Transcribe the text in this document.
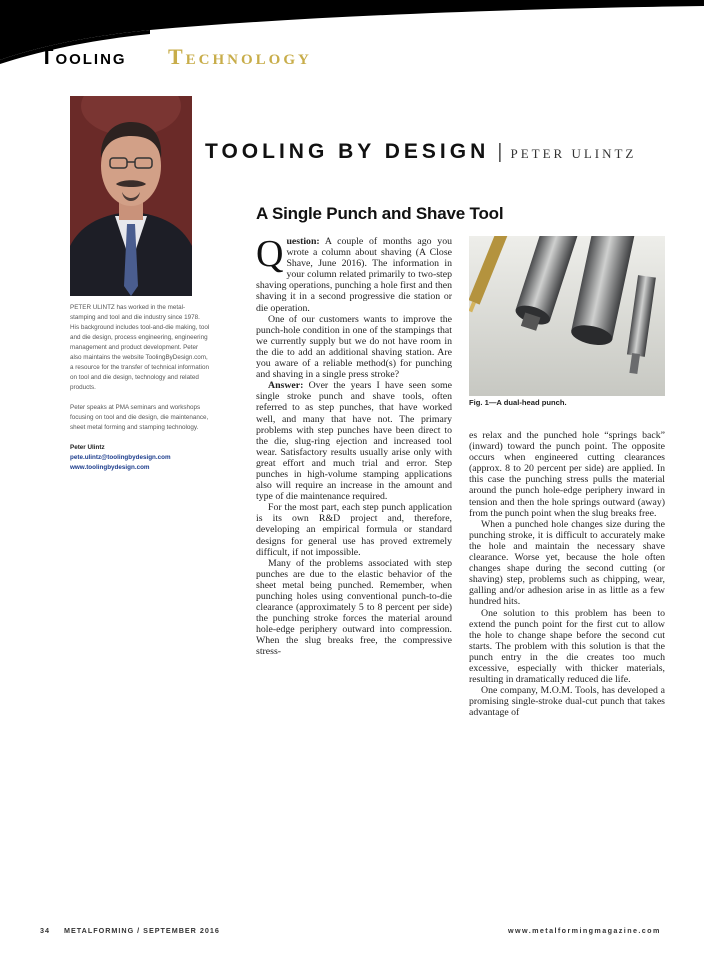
Tooling Technology

PETER ULINTZ has worked in the metal-stamping and tool and die industry since 1978. His background includes tool-and-die making, tool and die design, process engineering, engineering management and product development. Peter also maintains the website ToolingByDesign.com, a resource for the transfer of technical information on tool and die design, technology and related products.

Peter speaks at PMA seminars and workshops focusing on tool and die design, die maintenance, sheet metal forming and stamping technology.

Peter Ulintz

pete.ulintz@toolingbydesign.com

www.toolingbydesign.com

TOOLING BY DESIGN | PETER ULINTZ
A Single Punch and Shave Tool

Question: A couple of months ago you wrote a column about shaving (A Close Shave, June 2016). The information in your column related primarily to two-step shaving operations, punching a hole first and then shaving it in a second progressive die station or die operation.

One of our customers wants to improve the punch-hole condition in one of the stampings that we currently supply but we do not have room in the die to add an additional shaving station. Are you aware of a reliable method(s) for punching and shaving in a single press stroke?

Answer: Over the years I have seen some single stroke punch and shave tools, often referred to as step punches, that have worked well, and many that have not. The primary problems with step punches have been direct to the die, slug-ring ejection and increased tool wear. Satisfactory results usually arise only with great effort and much trial and error. Step punches in high-volume stamping applications also will require an increase in the amount and type of die maintenance required.

For the most part, each step punch application is its own R&D project and, therefore, developing an empirical formula or standard designs for general use has proved extremely difficult, if not impossible.

Many of the problems associated with step punches are due to the elastic behavior of the sheet metal being punched. Remember, when punching holes using conventional punch-to-die clearance (approximately 5 to 8 percent per side) the punching stroke forces the material around hole-edge periphery outward into compression. When the slug breaks free, the compressive stress-

Fig. 1—A dual-head punch.

es relax and the punched hole “springs back” (inward) toward the punch point. The opposite occurs when engineered cutting clearances (approx. 8 to 20 percent per side) are applied. In this case the punching stress pulls the material around the punch hole-edge periphery inward in tension and then the hole springs outward (away) from the punch point when the slug breaks free.

When a punched hole changes size during the punching stroke, it is difficult to accurately make the hole and maintain the necessary shave clearance. Worse yet, because the hole often changes shape during the second cutting (or shaving) step, problems such as chipping, wear, galling and/or adhesion arise in as little as a few hundred hits.

One solution to this problem has been to extend the punch point for the first cut to allow the hole to change shape before the second cut starts. The problem with this solution is that the punch entry in the die creates too much excessive, especially with thicker materials, resulting in dramatically reduced die life.

One company, M.O.M. Tools, has developed a promising single-stroke dual-cut punch that takes advantage of

34 METALFORMING / SEPTEMBER 2016	www.metalformingmagazine.com
